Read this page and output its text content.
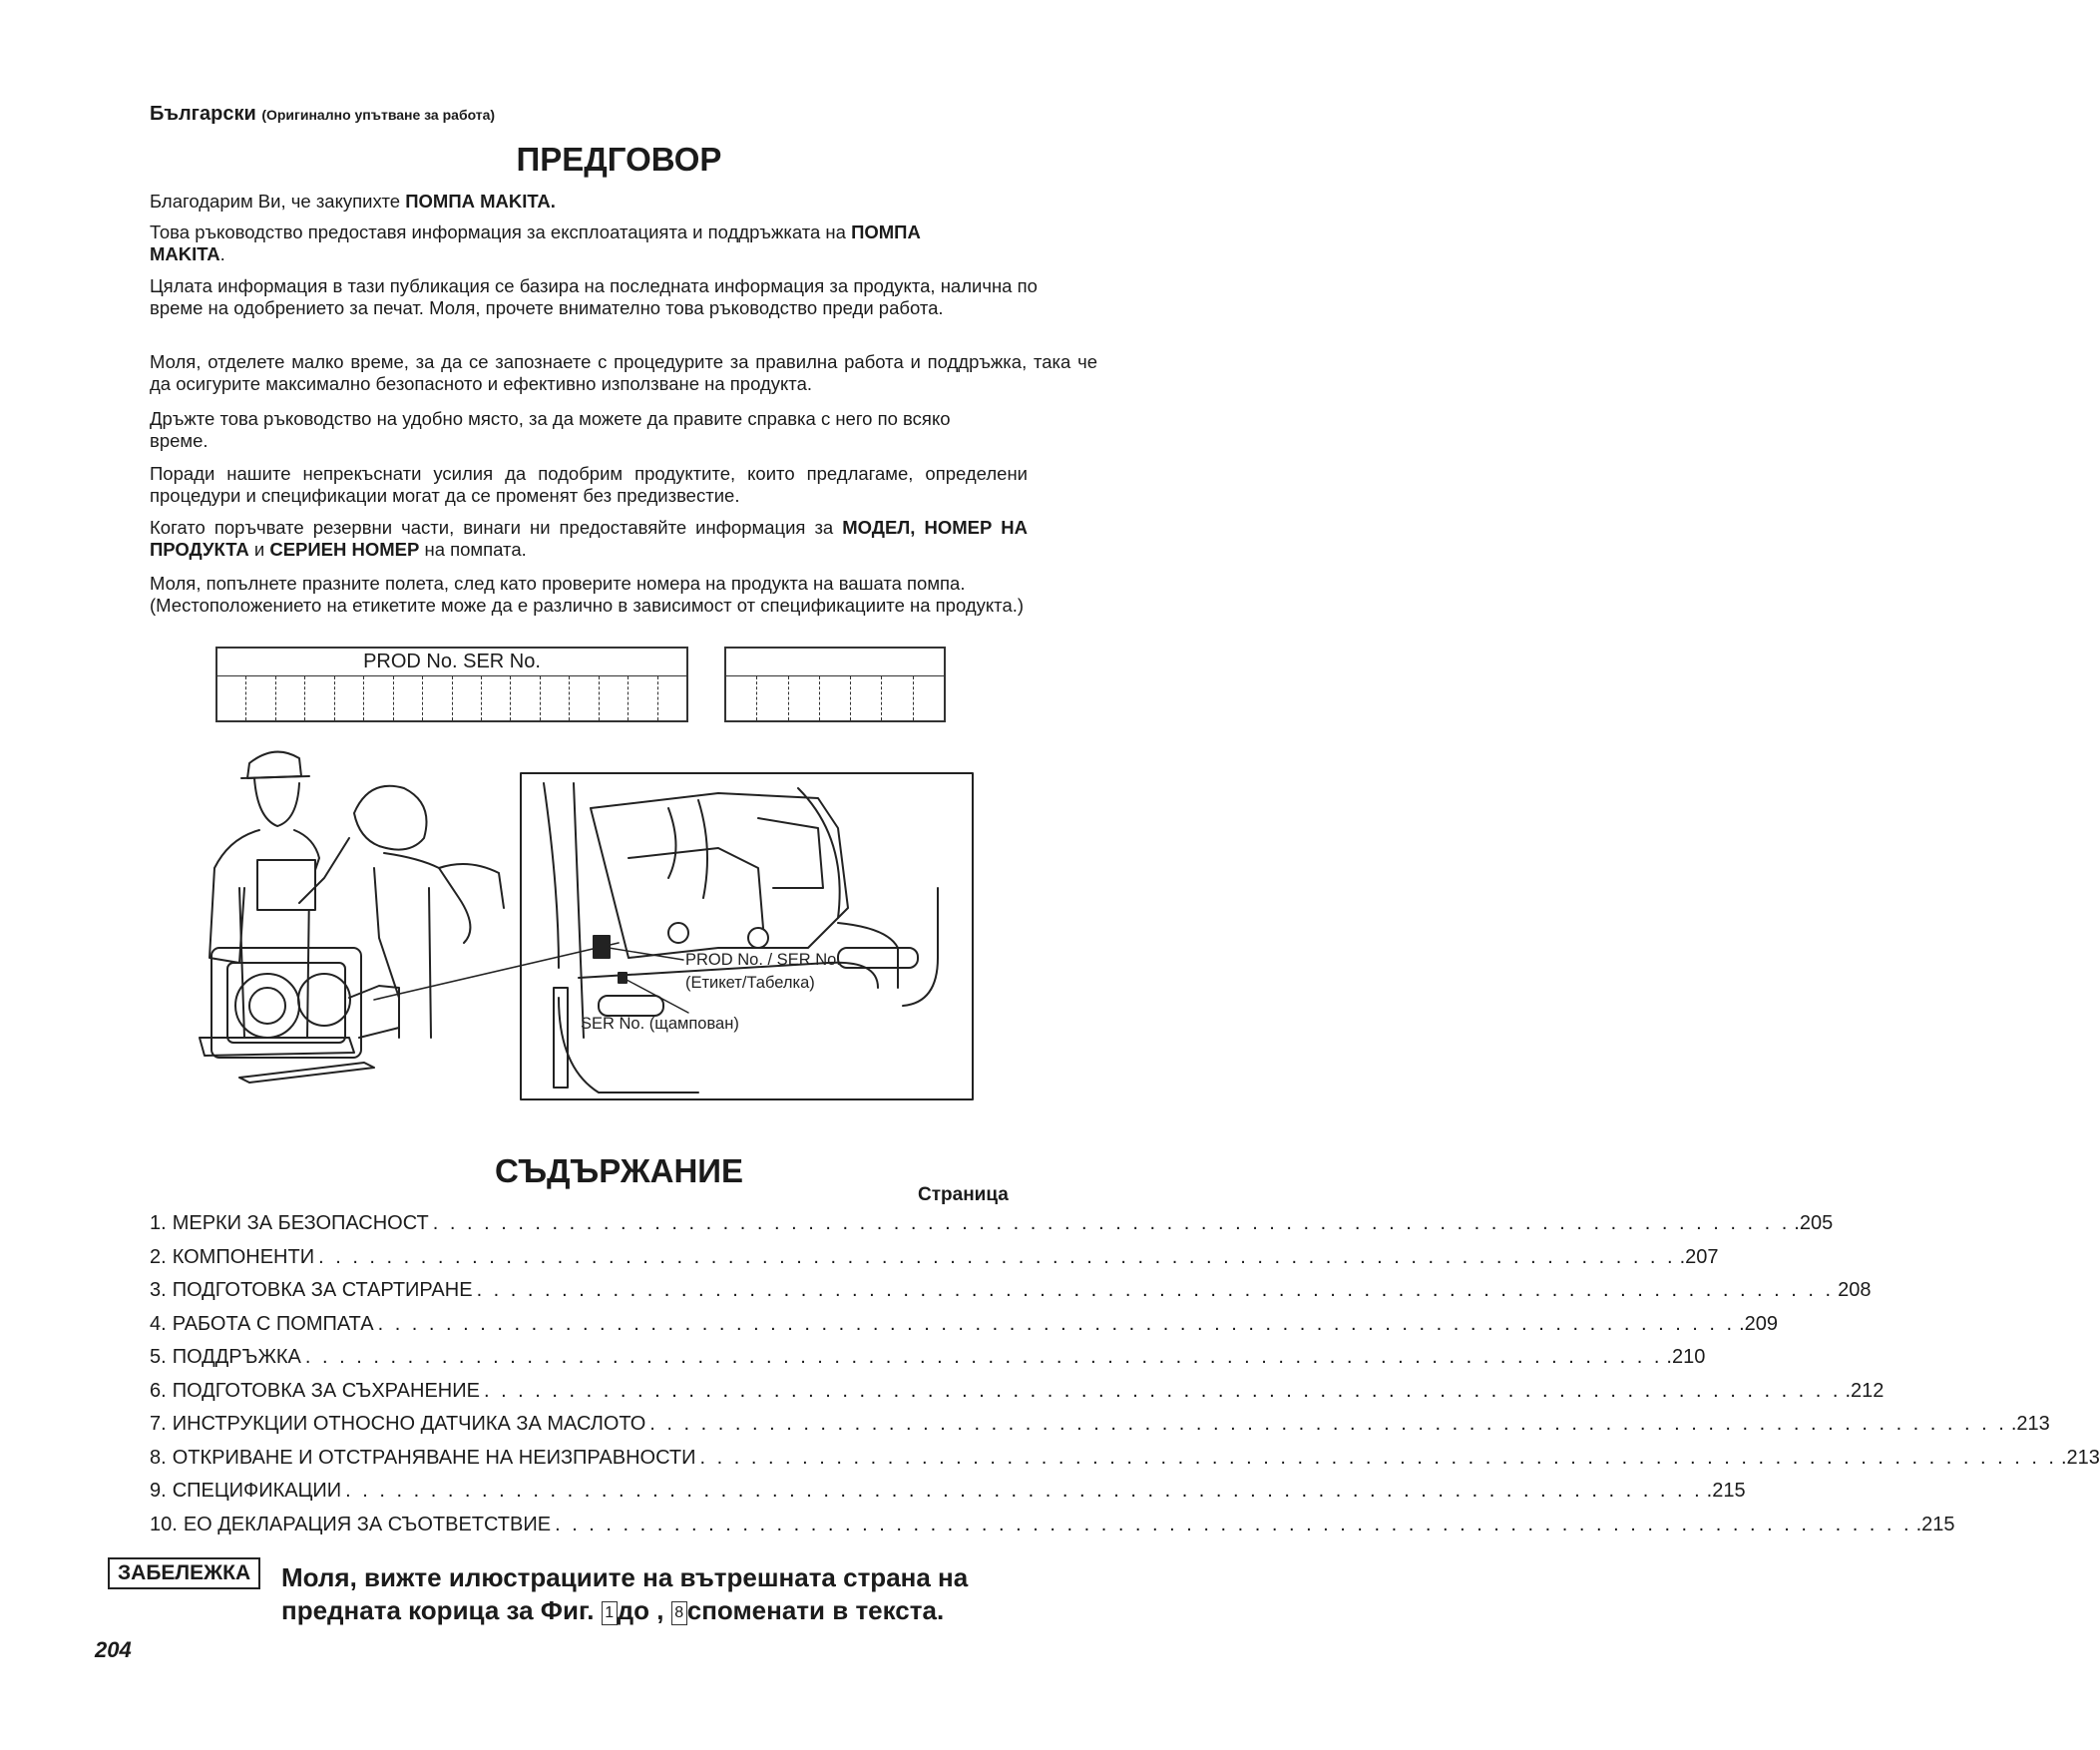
Български (Оригинално упътване за работа)
ПРЕДГОВОР
Благодарим Ви, че закупихте ПОМПА MAKITA.
Това ръководство предоставя информация за експлоатацията и поддръжката на ПОМПА
MAKITA.
Цялата информация в тази публикация се базира на последната информация за продукта, налична по време на одобрението за печат. Моля, прочете внимателно това ръководство преди работа.
Моля, отделете малко време, за да се запознаете с процедурите за правилна работа и поддръжка, така че да осигурите максимално безопасното и ефективно използване на продукта.
Дръжте това ръководство на удобно място, за да можете да правите справка с него по всяко време.
Поради нашите непрекъснати усилия да подобрим продуктите, които предлагаме, определени процедури и спецификации могат да се променят без предизвестие.
Когато поръчвате резервни части, винаги ни предоставяйте информация за МОДЕЛ, НОМЕР НА ПРОДУКТА и СЕРИЕН НОМЕР на помпата.
Моля, попълнете празните полета, след като проверите номера на продукта на вашата помпа. (Местоположението на етикетите може да е различно в зависимост от спецификациите на продукта.)
PROD No. SER No.
PROD No. / SER No.
(Етикет/Табелка)
SER No. (щампован)
СЪДЪРЖАНИЕ
Страница
1. МЕРКИ ЗА БЕЗОПАСНОСТ . . . . . . . . . . . . . . . . . . . . . . . . . . . . . . . . . . . . . . . . . . . . . . . . . . . . . . . . . . . . . . . . . . . . . . . . . . . . . . . . .205
2. КОМПОНЕНТИ . . . . . . . . . . . . . . . . . . . . . . . . . . . . . . . . . . . . . . . . . . . . . . . . . . . . . . . . . . . . . . . . . . . . . . . . . . . . . . . . .207
3. ПОДГОТОВКА ЗА СТАРТИРАНЕ . . . . . . . . . . . . . . . . . . . . . . . . . . . . . . . . . . . . . . . . . . . . . . . . . . . . . . . . . . . . . . . . . . . . . . . . . . . . . . . . 208
4. РАБОТА С ПОМПАТА . . . . . . . . . . . . . . . . . . . . . . . . . . . . . . . . . . . . . . . . . . . . . . . . . . . . . . . . . . . . . . . . . . . . . . . . . . . . . . . . .209
5. ПОДДРЪЖКА . . . . . . . . . . . . . . . . . . . . . . . . . . . . . . . . . . . . . . . . . . . . . . . . . . . . . . . . . . . . . . . . . . . . . . . . . . . . . . . . .210
6. ПОДГОТОВКА ЗА СЪХРАНЕНИЕ . . . . . . . . . . . . . . . . . . . . . . . . . . . . . . . . . . . . . . . . . . . . . . . . . . . . . . . . . . . . . . . . . . . . . . . . . . . . . . . . .212
7. ИНСТРУКЦИИ ОТНОСНО ДАТЧИКА ЗА МАСЛОТО . . . . . . . . . . . . . . . . . . . . . . . . . . . . . . . . . . . . . . . . . . . . . . . . . . . . . . . . . . . . . . . . . . . . . . . . . . . . . . . . .213
8. ОТКРИВАНЕ И ОТСТРАНЯВАНЕ НА НЕИЗПРАВНОСТИ . . . . . . . . . . . . . . . . . . . . . . . . . . . . . . . . . . . . . . . . . . . . . . . . . . . . . . . . . . . . . . . . . . . . . . . . . . . . . . . . .213
9. СПЕЦИФИКАЦИИ . . . . . . . . . . . . . . . . . . . . . . . . . . . . . . . . . . . . . . . . . . . . . . . . . . . . . . . . . . . . . . . . . . . . . . . . . . . . . . . . .215
10. ЕО ДЕКЛАРАЦИЯ ЗА СЪОТВЕТСТВИЕ . . . . . . . . . . . . . . . . . . . . . . . . . . . . . . . . . . . . . . . . . . . . . . . . . . . . . . . . . . . . . . . . . . . . . . . . . . . . . . . . .215
ЗАБЕЛЕЖКА	Моля, вижте илюстрациите на вътрешната страна на
предната корица за Фиг. 1 до , 8 споменати в текста.
204
